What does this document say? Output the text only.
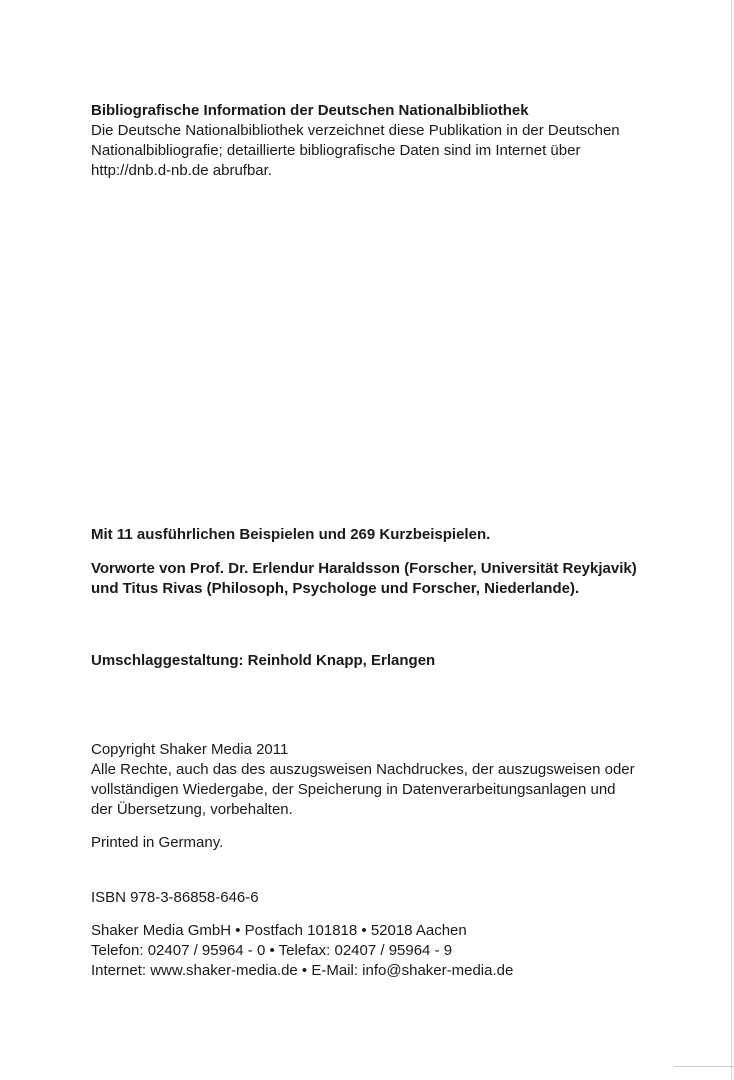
Bibliografische Information der Deutschen Nationalbibliothek
Die Deutsche Nationalbibliothek verzeichnet diese Publikation in der Deutschen
Nationalbibliografie; detaillierte bibliografische Daten sind im Internet über
http://dnb.d-nb.de abrufbar.
Mit 11 ausführlichen Beispielen und 269 Kurzbeispielen.
Vorworte von Prof. Dr. Erlendur Haraldsson (Forscher, Universität Reykjavik)
und Titus Rivas (Philosoph, Psychologe und Forscher, Niederlande).
Umschlaggestaltung: Reinhold Knapp, Erlangen
Copyright Shaker Media 2011
Alle Rechte, auch das des auszugsweisen Nachdruckes, der auszugsweisen oder
vollständigen Wiedergabe, der Speicherung in Datenverarbeitungsanlagen und
der Übersetzung, vorbehalten.
Printed in Germany.
ISBN 978-3-86858-646-6
Shaker Media GmbH • Postfach 101818 • 52018 Aachen
Telefon: 02407 / 95964 - 0 • Telefax: 02407 / 95964 - 9
Internet: www.shaker-media.de • E-Mail: info@shaker-media.de
